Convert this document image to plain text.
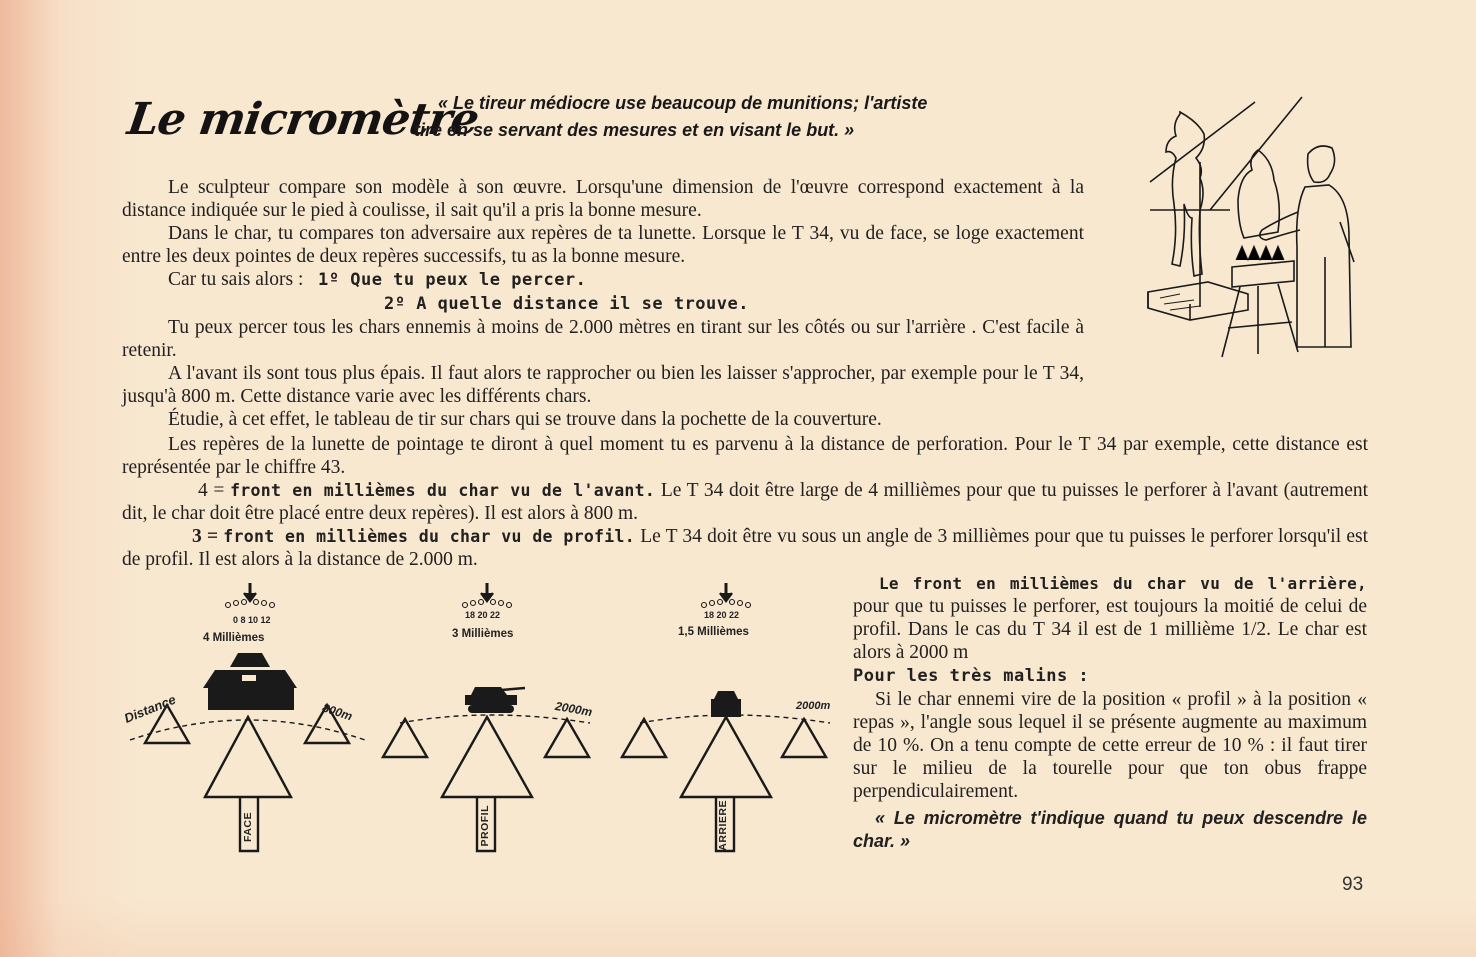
Le micromètre
« Le tireur médiocre use beaucoup de munitions; l'artiste
tire en se servant des mesures et en visant le but. »

Le sculpteur compare son modèle à son œuvre. Lorsqu'une dimension de l'œuvre correspond exactement à la distance indiquée sur le pied à coulisse, il sait qu'il a pris la bonne mesure.

Dans le char, tu compares ton adversaire aux repères de ta lunette. Lorsque le T 34, vu de face, se loge exactement entre les deux pointes de deux repères successifs, tu as la bonne mesure.

Car tu sais alors : 1º Que tu peux le percer.

2º A quelle distance il se trouve.

Tu peux percer tous les chars ennemis à moins de 2.000 mètres en tirant sur les côtés ou sur l'arrière . C'est facile à retenir.

A l'avant ils sont tous plus épais. Il faut alors te rapprocher ou bien les laisser s'approcher, par exemple pour le T 34, jusqu'à 800 m. Cette distance varie avec les différents chars.

Étudie, à cet effet, le tableau de tir sur chars qui se trouve dans la pochette de la couverture.

Les repères de la lunette de pointage te diront à quel moment tu es parvenu à la distance de perforation. Pour le T 34 par exemple, cette distance est représentée par le chiffre 43.

4 = front en millièmes du char vu de l'avant. Le T 34 doit être large de 4 millièmes pour que tu puisses le perforer à l'avant (autrement dit, le char doit être placé entre deux repères). Il est alors à 800 m.

3 = front en millièmes du char vu de profil. Le T 34 doit être vu sous un angle de 3 millièmes pour que tu puisses le perforer lorsqu'il est de profil. Il est alors à la distance de 2.000 m.

Le front en millièmes du char vu de l'arrière, pour que tu puisses le perforer, est toujours la moitié de celui de profil. Dans le cas du T 34 il est de 1 millième 1/2. Le char est alors à 2000 m

Pour les très malins :

Si le char ennemi vire de la position « profil » à la position « repas », l'angle sous lequel il se présente augmente au maximum de 10 %. On a tenu compte de cette erreur de 10 % : il faut tirer sur le milieu de la tourelle pour que ton obus frappe perpendiculairement.

« Le micromètre t'indique quand tu peux descendre le char. »

0 8 10 12
4 Millièmes
Distance	800m
FACE
18 20 22
3 Millièmes
2000m
PROFIL
18 20 22
1,5 Millièmes
2000m
ARRIERE
93
